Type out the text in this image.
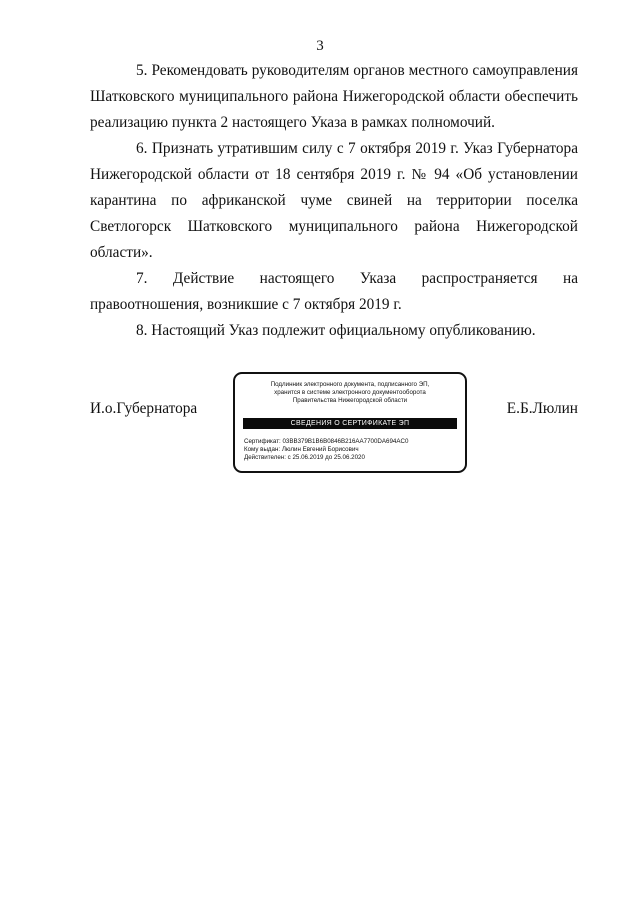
3

5. Рекомендовать руководителям органов местного самоуправления Шатковского муниципального района Нижегородской области обеспечить реализацию пункта 2 настоящего Указа в рамках полномочий.

6. Признать утратившим силу с 7 октября 2019 г. Указ Губернатора Нижегородской области от 18 сентября 2019 г. № 94 «Об установлении карантина по африканской чуме свиней на территории поселка Светлогорск Шатковского муниципального района Нижегородской области».

7. Действие настоящего Указа распространяется на правоотношения, возникшие с 7 октября 2019 г.

8. Настоящий Указ подлежит официальному опубликованию.

И.о.Губернатора
Подлинник электронного документа, подписанного ЭП,
хранится в системе электронного документооборота
Правительства Нижегородской области
СВЕДЕНИЯ О СЕРТИФИКАТЕ ЭП
Сертификат: 03BB379B1B6B0846B216AA7700DA694AC0
Кому выдан: Люлин Евгений Борисович
Действителен: с 25.06.2019 до 25.06.2020
Е.Б.Люлин
